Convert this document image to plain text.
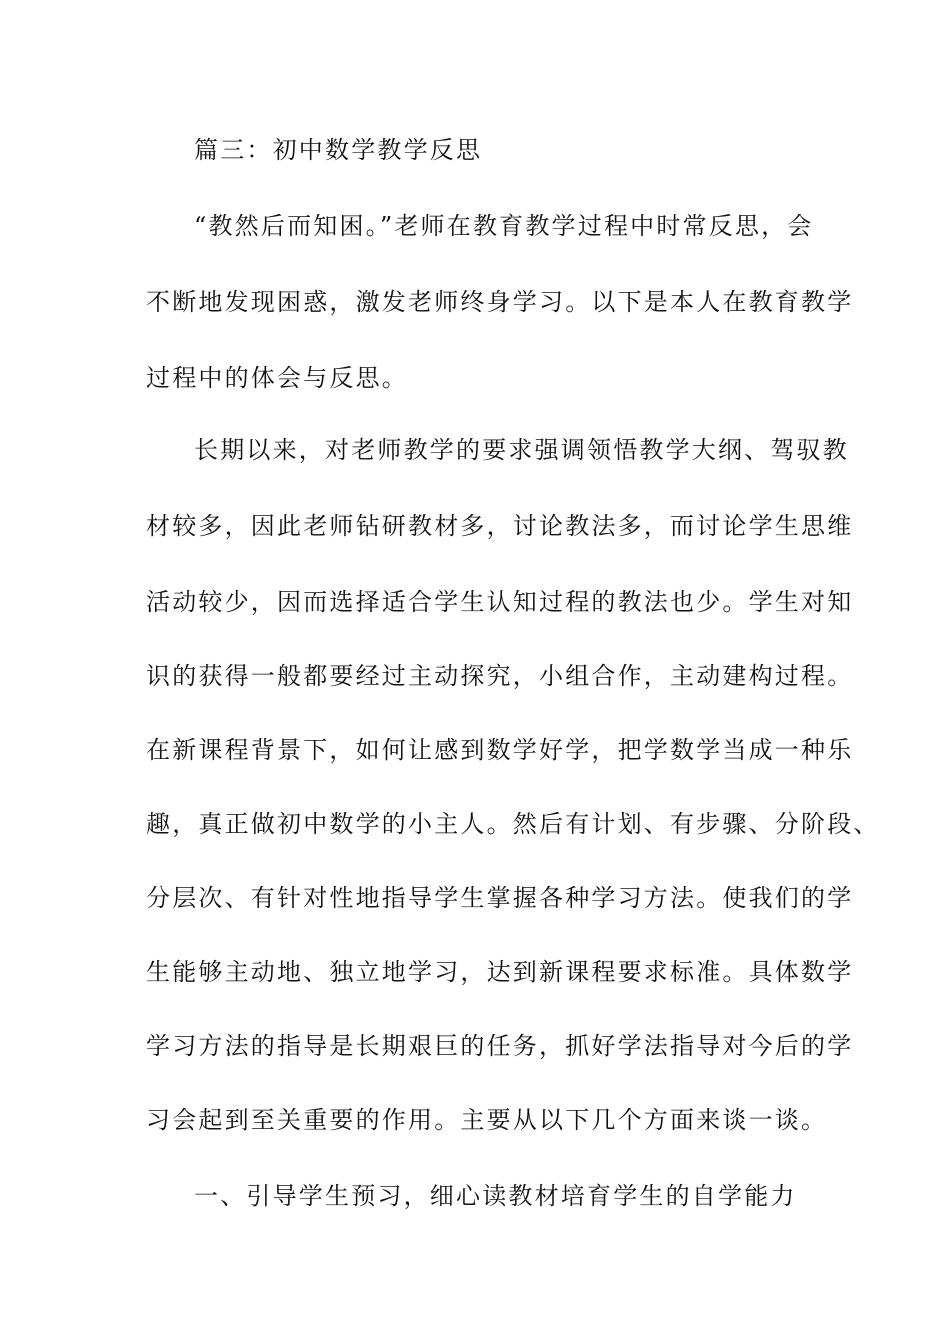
篇三：初中数学教学反思
“教然后而知困。”老师在教育教学过程中时常反思，会
不断地发现困惑，激发老师终身学习。以下是本人在教育教学
过程中的体会与反思。
长期以来，对老师教学的要求强调领悟教学大纲、驾驭教
材较多，因此老师钻研教材多，讨论教法多，而讨论学生思维
活动较少，因而选择适合学生认知过程的教法也少。学生对知
识的获得一般都要经过主动探究，小组合作，主动建构过程。
在新课程背景下，如何让感到数学好学，把学数学当成一种乐
趣，真正做初中数学的小主人。然后有计划、有步骤、分阶段、
分层次、有针对性地指导学生掌握各种学习方法。使我们的学
生能够主动地、独立地学习，达到新课程要求标准。具体数学
学习方法的指导是长期艰巨的任务，抓好学法指导对今后的学
习会起到至关重要的作用。主要从以下几个方面来谈一谈。
一、引导学生预习，细心读教材培育学生的自学能力
